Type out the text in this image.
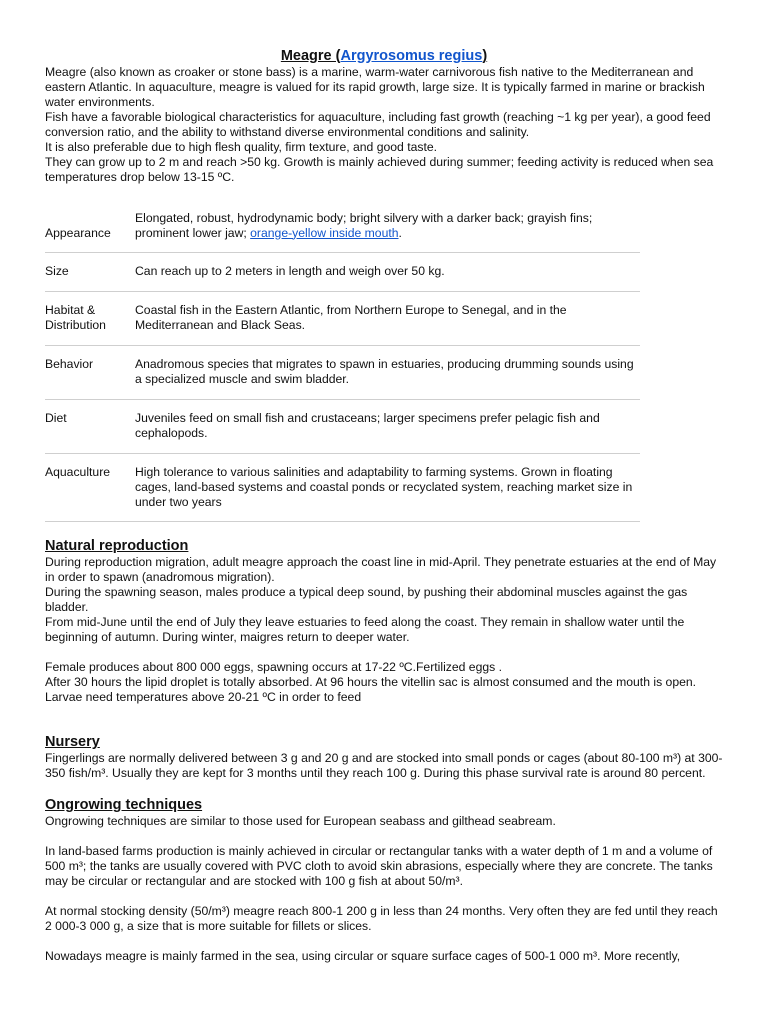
Meagre (Argyrosomus regius)

Meagre (also known as croaker or stone bass) is a marine, warm-water carnivorous fish native to the Mediterranean and eastern Atlantic. In aquaculture, meagre is valued for its rapid growth, large size. It is typically farmed in marine or brackish water environments.

Fish have a favorable biological characteristics for aquaculture, including fast growth (reaching ~1 kg per year), a good feed conversion ratio, and the ability to withstand diverse environmental conditions and salinity.

It is also preferable due to high flesh quality, firm texture, and good taste.

They can grow up to 2 m and reach >50 kg. Growth is mainly achieved during summer; feeding activity is reduced when sea temperatures drop below 13-15 ºC.

Appearance	Elongated, robust, hydrodynamic body; bright silvery with a darker back; grayish fins; prominent lower jaw; orange-yellow inside mouth.
Size	Can reach up to 2 meters in length and weigh over 50 kg.
Habitat & Distribution	Coastal fish in the Eastern Atlantic, from Northern Europe to Senegal, and in the Mediterranean and Black Seas.
Behavior	Anadromous species that migrates to spawn in estuaries, producing drumming sounds using a specialized muscle and swim bladder.
Diet	Juveniles feed on small fish and crustaceans; larger specimens prefer pelagic fish and cephalopods.
Aquaculture	High tolerance to various salinities and adaptability to farming systems. Grown in floating cages, land-based systems and coastal ponds or recyclated system, reaching market size in under two years
Natural reproduction

During reproduction migration, adult meagre approach the coast line in mid-April. They penetrate estuaries at the end of May in order to spawn (anadromous migration).

During the spawning season, males produce a typical deep sound, by pushing their abdominal muscles against the gas bladder.

From mid-June until the end of July they leave estuaries to feed along the coast. They remain in shallow water until the beginning of autumn. During winter, maigres return to deeper water.

Female produces about 800 000 eggs, spawning occurs at 17-22 ºC.Fertilized eggs .

After 30 hours the lipid droplet is totally absorbed. At 96 hours the vitellin sac is almost consumed and the mouth is open.

Larvae need temperatures above 20-21 ºC in order to feed

Nursery

Fingerlings are normally delivered between 3 g and 20 g and are stocked into small ponds or cages (about 80-100 m³) at 300-350 fish/m³. Usually they are kept for 3 months until they reach 100 g. During this phase survival rate is around 80 percent.

Ongrowing techniques

Ongrowing techniques are similar to those used for European seabass and gilthead seabream.

In land-based farms production is mainly achieved in circular or rectangular tanks with a water depth of 1 m and a volume of 500 m³; the tanks are usually covered with PVC cloth to avoid skin abrasions, especially where they are concrete. The tanks may be circular or rectangular and are stocked with 100 g fish at about 50/m³.

At normal stocking density (50/m³) meagre reach 800-1 200 g in less than 24 months. Very often they are fed until they reach 2 000-3 000 g, a size that is more suitable for fillets or slices.

Nowadays meagre is mainly farmed in the sea, using circular or square surface cages of 500-1 000 m³. More recently,
